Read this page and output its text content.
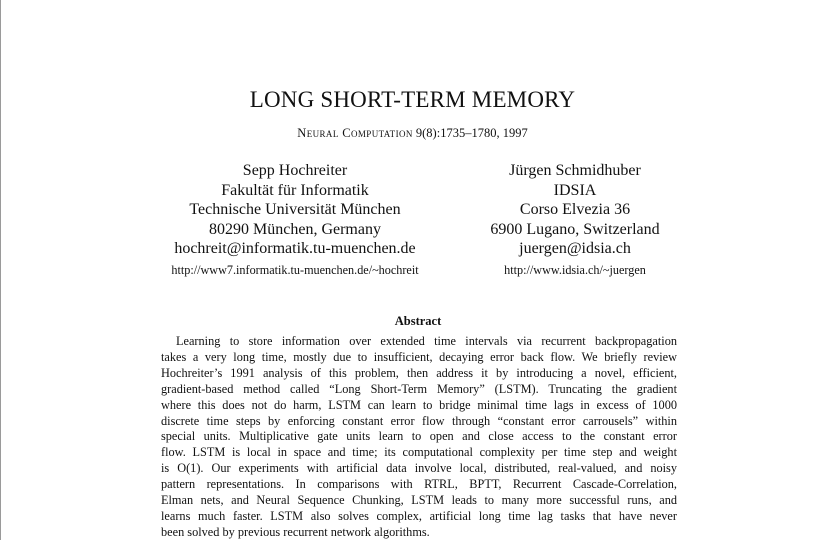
LONG SHORT-TERM MEMORY
Neural Computation 9(8):1735–1780, 1997
Sepp Hochreiter
Fakultät für Informatik
Technische Universität München
80290 München, Germany
hochreit@informatik.tu-muenchen.de
http://www7.informatik.tu-muenchen.de/~hochreit
Jürgen Schmidhuber
IDSIA
Corso Elvezia 36
6900 Lugano, Switzerland
juergen@idsia.ch
http://www.idsia.ch/~juergen
Abstract
Learning to store information over extended time intervals via recurrent backpropagation
takes a very long time, mostly due to insufficient, decaying error back flow. We briefly review
Hochreiter’s 1991 analysis of this problem, then address it by introducing a novel, efficient,
gradient-based method called “Long Short-Term Memory” (LSTM). Truncating the gradient
where this does not do harm, LSTM can learn to bridge minimal time lags in excess of 1000
discrete time steps by enforcing constant error flow through “constant error carrousels” within
special units. Multiplicative gate units learn to open and close access to the constant error
flow. LSTM is local in space and time; its computational complexity per time step and weight
is O(1). Our experiments with artificial data involve local, distributed, real-valued, and noisy
pattern representations. In comparisons with RTRL, BPTT, Recurrent Cascade-Correlation,
Elman nets, and Neural Sequence Chunking, LSTM leads to many more successful runs, and
learns much faster. LSTM also solves complex, artificial long time lag tasks that have never
been solved by previous recurrent network algorithms.
